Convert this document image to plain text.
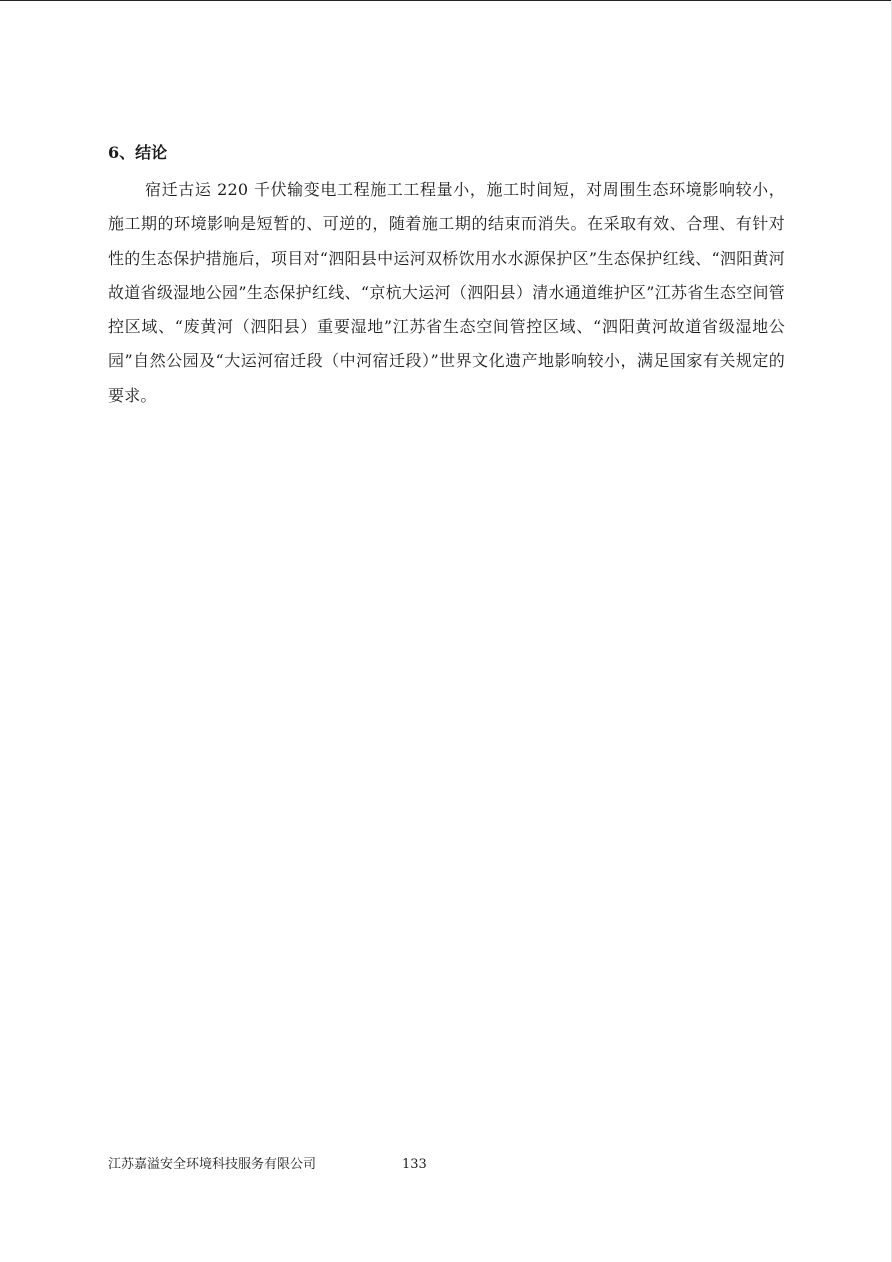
6、结论

宿迁古运 220 千伏输变电工程施工工程量小，施工时间短，对周围生态环境影响较小，施工期的环境影响是短暂的、可逆的，随着施工期的结束而消失。在采取有效、合理、有针对性的生态保护措施后，项目对“泗阳县中运河双桥饮用水水源保护区”生态保护红线、“泗阳黄河故道省级湿地公园”生态保护红线、“京杭大运河（泗阳县）清水通道维护区”江苏省生态空间管控区域、“废黄河（泗阳县）重要湿地”江苏省生态空间管控区域、“泗阳黄河故道省级湿地公园”自然公园及“大运河宿迁段（中河宿迁段）”世界文化遗产地影响较小，满足国家有关规定的要求。

江苏嘉溢安全环境科技服务有限公司	133
